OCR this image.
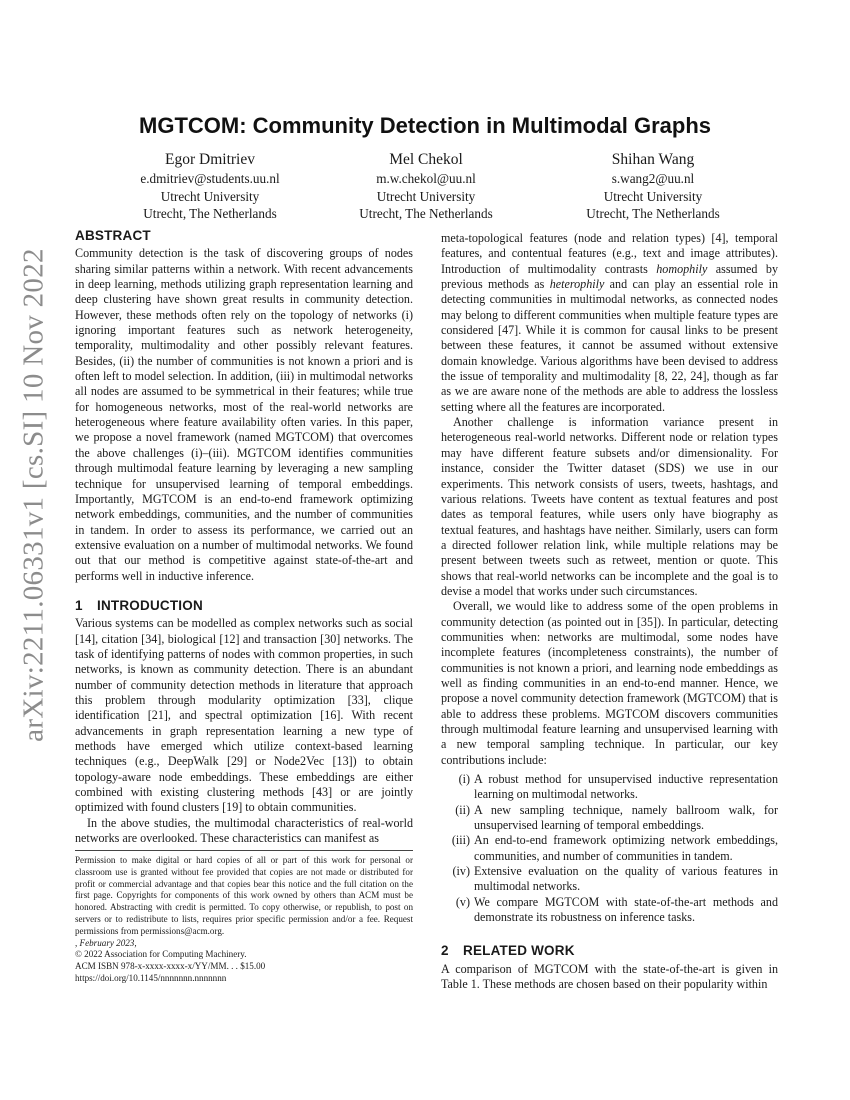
arXiv:2211.06331v1 [cs.SI] 10 Nov 2022
MGTCOM: Community Detection in Multimodal Graphs
Egor Dmitriev
e.dmitriev@students.uu.nl
Utrecht University
Utrecht, The Netherlands
Mel Chekol
m.w.chekol@uu.nl
Utrecht University
Utrecht, The Netherlands
Shihan Wang
s.wang2@uu.nl
Utrecht University
Utrecht, The Netherlands
ABSTRACT

Community detection is the task of discovering groups of nodes sharing similar patterns within a network. With recent advancements in deep learning, methods utilizing graph representation learning and deep clustering have shown great results in community detection. However, these methods often rely on the topology of networks (i) ignoring important features such as network heterogeneity, temporality, multimodality and other possibly relevant features. Besides, (ii) the number of communities is not known a priori and is often left to model selection. In addition, (iii) in multimodal networks all nodes are assumed to be symmetrical in their features; while true for homogeneous networks, most of the real-world networks are heterogeneous where feature availability often varies. In this paper, we propose a novel framework (named MGTCOM) that overcomes the above challenges (i)–(iii). MGTCOM identifies communities through multimodal feature learning by leveraging a new sampling technique for unsupervised learning of temporal embeddings. Importantly, MGTCOM is an end-to-end framework optimizing network embeddings, communities, and the number of communities in tandem. In order to assess its performance, we carried out an extensive evaluation on a number of multimodal networks. We found out that our method is competitive against state-of-the-art and performs well in inductive inference.

1 INTRODUCTION

Various systems can be modelled as complex networks such as social [14], citation [34], biological [12] and transaction [30] networks. The task of identifying patterns of nodes with common properties, in such networks, is known as community detection. There is an abundant number of community detection methods in literature that approach this problem through modularity optimization [33], clique identification [21], and spectral optimization [16]. With recent advancements in graph representation learning a new type of methods have emerged which utilize context-based learning techniques (e.g., DeepWalk [29] or Node2Vec [13]) to obtain topology-aware node embeddings. These embeddings are either combined with existing clustering methods [43] or are jointly optimized with found clusters [19] to obtain communities.

In the above studies, the multimodal characteristics of real-world networks are overlooked. These characteristics can manifest as

meta-topological features (node and relation types) [4], temporal features, and contentual features (e.g., text and image attributes). Introduction of multimodality contrasts homophily assumed by previous methods as heterophily and can play an essential role in detecting communities in multimodal networks, as connected nodes may belong to different communities when multiple feature types are considered [47]. While it is common for causal links to be present between these features, it cannot be assumed without extensive domain knowledge. Various algorithms have been devised to address the issue of temporality and multimodality [8, 22, 24], though as far as we are aware none of the methods are able to address the lossless setting where all the features are incorporated.

Another challenge is information variance present in heterogeneous real-world networks. Different node or relation types may have different feature subsets and/or dimensionality. For instance, consider the Twitter dataset (SDS) we use in our experiments. This network consists of users, tweets, hashtags, and various relations. Tweets have content as textual features and post dates as temporal features, while users only have biography as textual features, and hashtags have neither. Similarly, users can form a directed follower relation link, while multiple relations may be present between tweets such as retweet, mention or quote. This shows that real-world networks can be incomplete and the goal is to devise a model that works under such circumstances.

Overall, we would like to address some of the open problems in community detection (as pointed out in [35]). In particular, detecting communities when: networks are multimodal, some nodes have incomplete features (incompleteness constraints), the number of communities is not known a priori, and learning node embeddings as well as finding communities in an end-to-end manner. Hence, we propose a novel community detection framework (MGTCOM) that is able to address these problems. MGTCOM discovers communities through multimodal feature learning and unsupervised learning with a new temporal sampling technique. In particular, our key contributions include:

(i) A robust method for unsupervised inductive representation learning on multimodal networks.
(ii) A new sampling technique, namely ballroom walk, for unsupervised learning of temporal embeddings.
(iii) An end-to-end framework optimizing network embeddings, communities, and number of communities in tandem.
(iv) Extensive evaluation on the quality of various features in multimodal networks.
(v) We compare MGTCOM with state-of-the-art methods and demonstrate its robustness on inference tasks.
2 RELATED WORK

A comparison of MGTCOM with the state-of-the-art is given in Table 1. These methods are chosen based on their popularity within

Permission to make digital or hard copies of all or part of this work for personal or classroom use is granted without fee provided that copies are not made or distributed for profit or commercial advantage and that copies bear this notice and the full citation on the first page. Copyrights for components of this work owned by others than ACM must be honored. Abstracting with credit is permitted. To copy otherwise, or republish, to post on servers or to redistribute to lists, requires prior specific permission and/or a fee. Request permissions from permissions@acm.org.

, February 2023,

© 2022 Association for Computing Machinery.

ACM ISBN 978-x-xxxx-xxxx-x/YY/MM. . . $15.00

https://doi.org/10.1145/nnnnnnn.nnnnnnn
